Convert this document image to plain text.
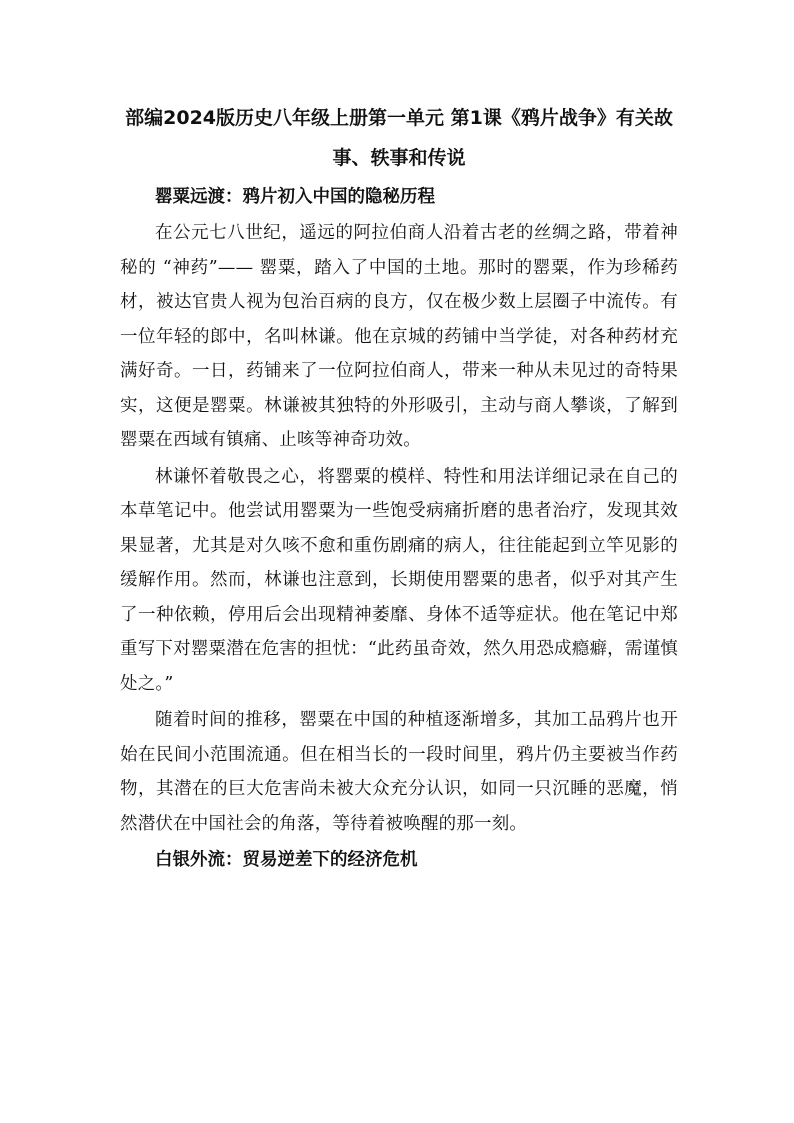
部编2024版历史八年级上册第一单元 第1课《鸦片战争》有关故事、轶事和传说
罂粟远渡：鸦片初入中国的隐秘历程

在公元七八世纪，遥远的阿拉伯商人沿着古老的丝绸之路，带着神秘的 “神药”—— 罂粟，踏入了中国的土地。那时的罂粟，作为珍稀药材，被达官贵人视为包治百病的良方，仅在极少数上层圈子中流传。有一位年轻的郎中，名叫林谦。他在京城的药铺中当学徒，对各种药材充满好奇。一日，药铺来了一位阿拉伯商人，带来一种从未见过的奇特果实，这便是罂粟。林谦被其独特的外形吸引，主动与商人攀谈，了解到罂粟在西域有镇痛、止咳等神奇功效。

林谦怀着敬畏之心，将罂粟的模样、特性和用法详细记录在自己的本草笔记中。他尝试用罂粟为一些饱受病痛折磨的患者治疗，发现其效果显著，尤其是对久咳不愈和重伤剧痛的病人，往往能起到立竿见影的缓解作用。然而，林谦也注意到，长期使用罂粟的患者，似乎对其产生了一种依赖，停用后会出现精神萎靡、身体不适等症状。他在笔记中郑重写下对罂粟潜在危害的担忧：“此药虽奇效，然久用恐成瘾癖，需谨慎处之。”

随着时间的推移，罂粟在中国的种植逐渐增多，其加工品鸦片也开始在民间小范围流通。但在相当长的一段时间里，鸦片仍主要被当作药物，其潜在的巨大危害尚未被大众充分认识，如同一只沉睡的恶魔，悄然潜伏在中国社会的角落，等待着被唤醒的那一刻。

白银外流：贸易逆差下的经济危机
